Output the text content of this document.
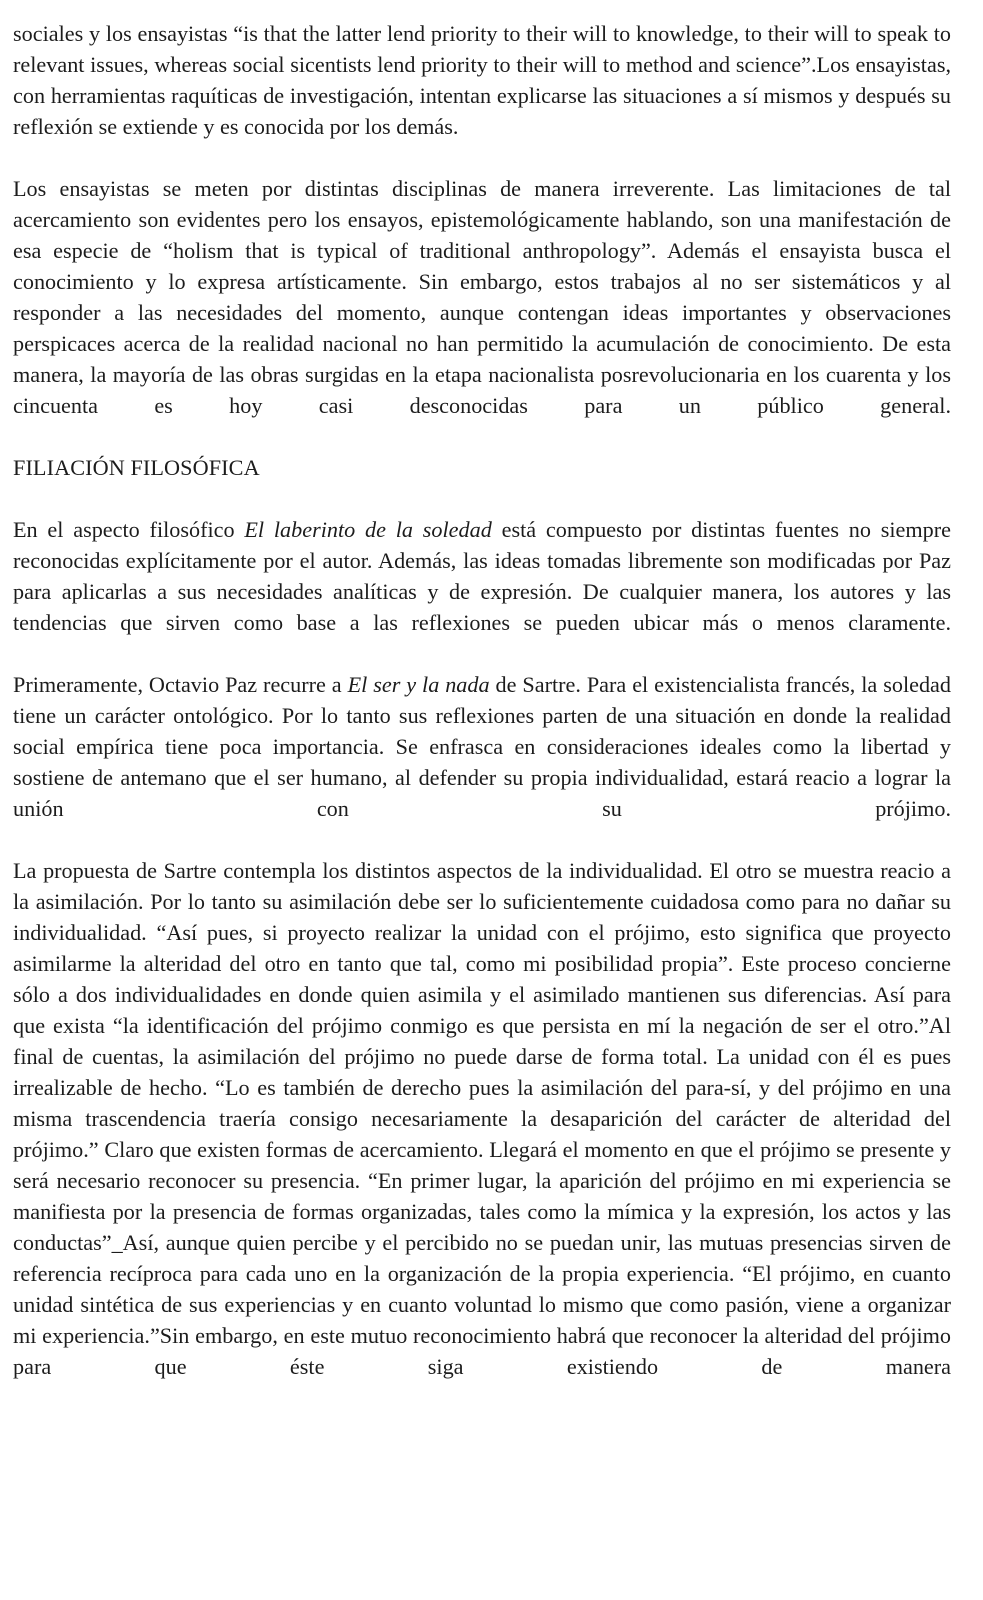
sociales y los ensayistas “is that the latter lend priority to their will to knowledge, to their will to speak to relevant issues, whereas social sicentists lend priority to their will to method and science”.Los ensayistas, con herramientas raquíticas de investigación, intentan explicarse las situaciones a sí mismos y después su reflexión se extiende y es conocida por los demás.

Los ensayistas se meten por distintas disciplinas de manera irreverente. Las limitaciones de tal acercamiento son evidentes pero los ensayos, epistemológicamente hablando, son una manifestación de esa especie de “holism that is typical of traditional anthropology”. Además el ensayista busca el conocimiento y lo expresa artísticamente. Sin embargo, estos trabajos al no ser sistemáticos y al responder a las necesidades del momento, aunque contengan ideas importantes y observaciones perspicaces acerca de la realidad nacional no han permitido la acumulación de conocimiento. De esta manera, la mayoría de las obras surgidas en la etapa nacionalista posrevolucionaria en los cuarenta y los cincuenta es hoy casi desconocidas para un público general.

FILIACIÓN FILOSÓFICA

En el aspecto filosófico El laberinto de la soledad está compuesto por distintas fuentes no siempre reconocidas explícitamente por el autor. Además, las ideas tomadas libremente son modificadas por Paz para aplicarlas a sus necesidades analíticas y de expresión. De cualquier manera, los autores y las tendencias que sirven como base a las reflexiones se pueden ubicar más o menos claramente.

Primeramente, Octavio Paz recurre a El ser y la nada de Sartre. Para el existencialista francés, la soledad tiene un carácter ontológico. Por lo tanto sus reflexiones parten de una situación en donde la realidad social empírica tiene poca importancia. Se enfrasca en consideraciones ideales como la libertad y sostiene de antemano que el ser humano, al defender su propia individualidad, estará reacio a lograr la unión con su prójimo.

La propuesta de Sartre contempla los distintos aspectos de la individualidad. El otro se muestra reacio a la asimilación. Por lo tanto su asimilación debe ser lo suficientemente cuidadosa como para no dañar su individualidad. “Así pues, si proyecto realizar la unidad con el prójimo, esto significa que proyecto asimilarme la alteridad del otro en tanto que tal, como mi posibilidad propia”. Este proceso concierne sólo a dos individualidades en donde quien asimila y el asimilado mantienen sus diferencias. Así para que exista “la identificación del prójimo conmigo es que persista en mí la negación de ser el otro.”Al final de cuentas, la asimilación del prójimo no puede darse de forma total. La unidad con él es pues irrealizable de hecho. “Lo es también de derecho pues la asimilación del para-sí, y del prójimo en una misma trascendencia traería consigo necesariamente la desaparición del carácter de alteridad del prójimo.” Claro que existen formas de acercamiento. Llegará el momento en que el prójimo se presente y será necesario reconocer su presencia. “En primer lugar, la aparición del prójimo en mi experiencia se manifiesta por la presencia de formas organizadas, tales como la mímica y la expresión, los actos y las conductas”_Así, aunque quien percibe y el percibido no se puedan unir, las mutuas presencias sirven de referencia recíproca para cada uno en la organización de la propia experiencia. “El prójimo, en cuanto unidad sintética de sus experiencias y en cuanto voluntad lo mismo que como pasión, viene a organizar mi experiencia.”Sin embargo, en este mutuo reconocimiento habrá que reconocer la alteridad del prójimo para que éste siga existiendo de manera
